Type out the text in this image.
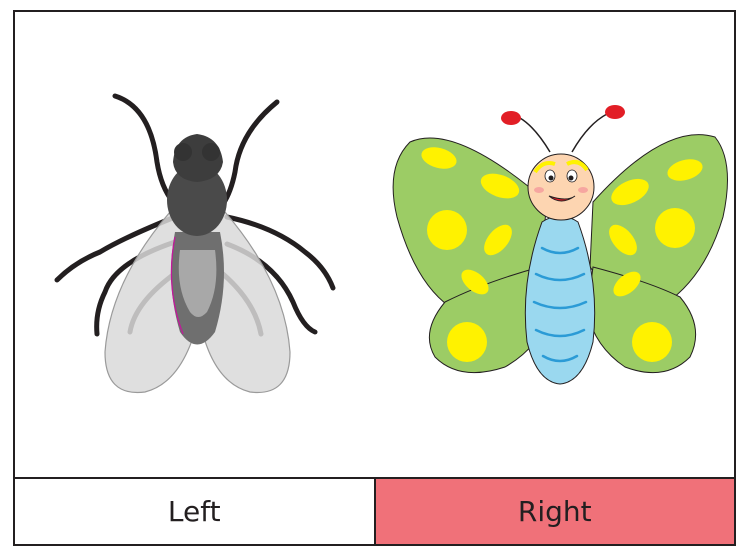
Left	Right
